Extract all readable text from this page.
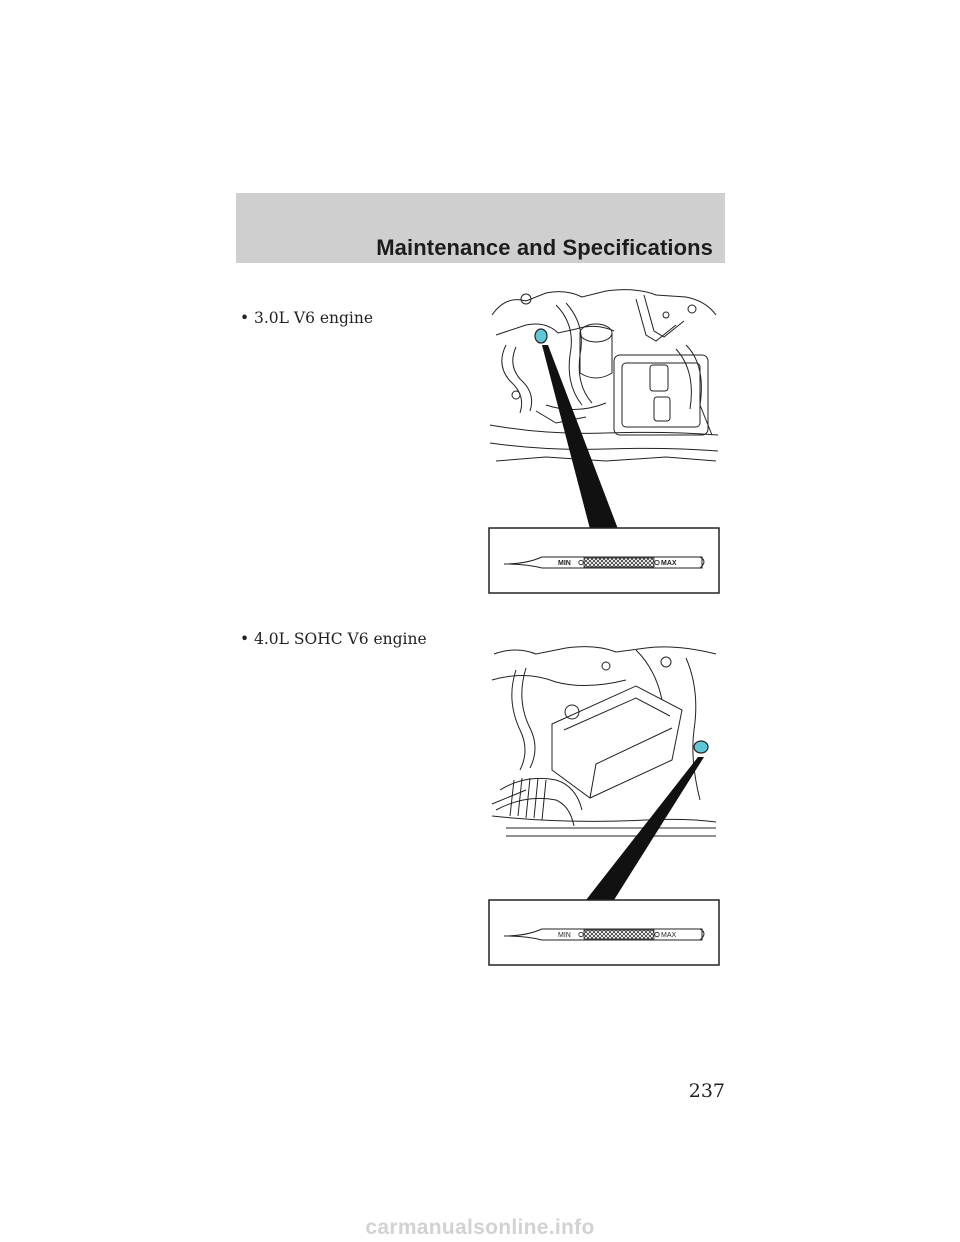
Maintenance and Specifications
• 3.0L V6 engine
MIN	MAX
• 4.0L SOHC V6 engine
MIN	MAX
237
carmanualsonline.info
